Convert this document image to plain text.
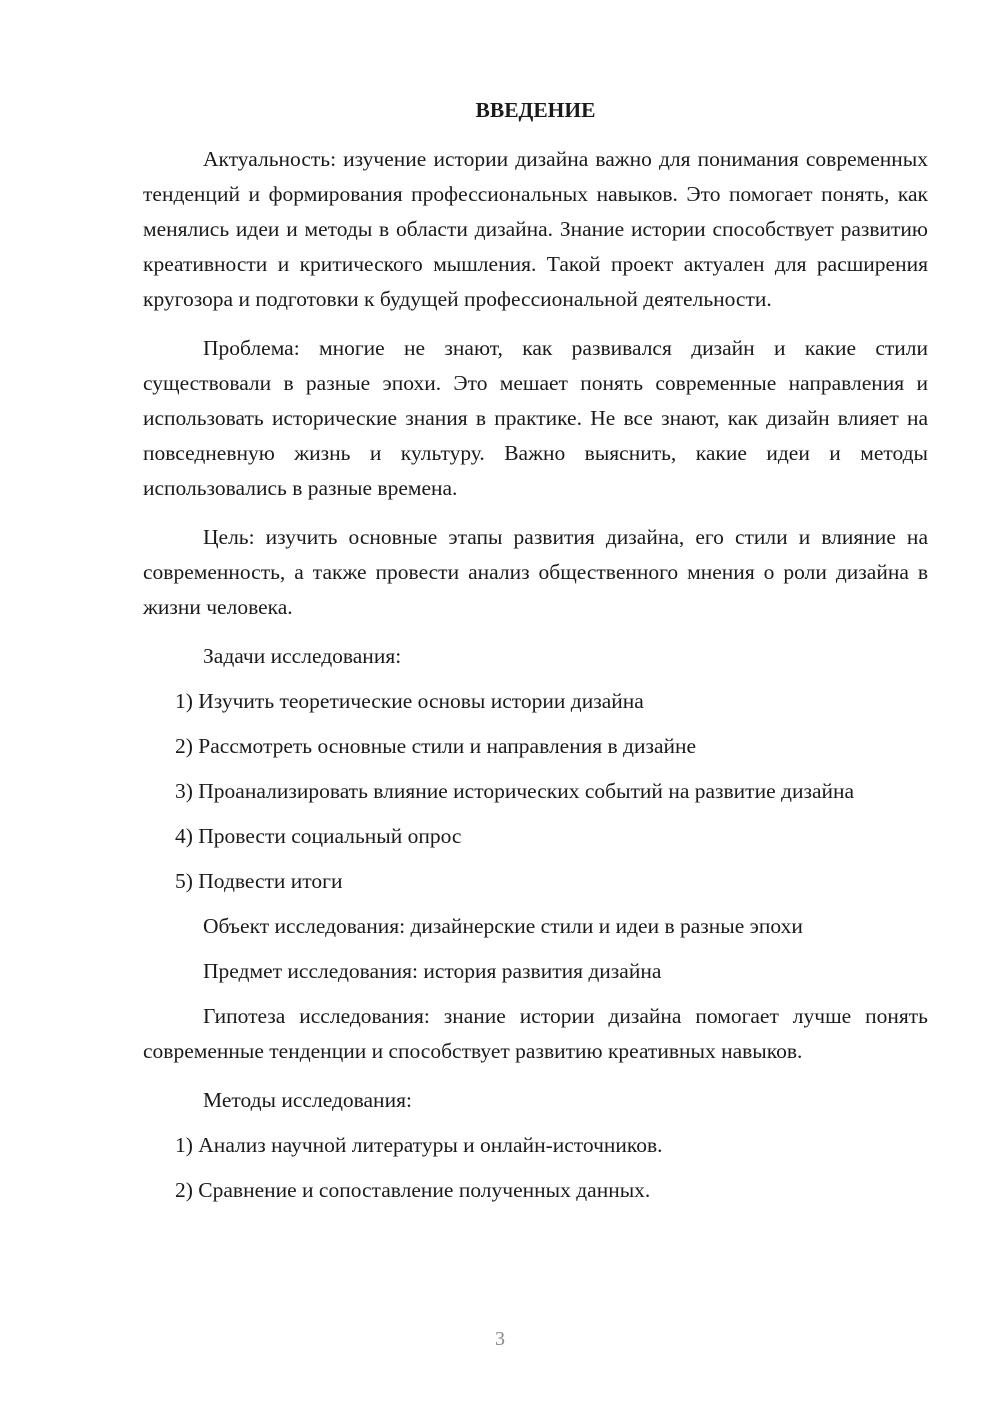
ВВЕДЕНИЕ

Актуальность: изучение истории дизайна важно для понимания современных тенденций и формирования профессиональных навыков. Это помогает понять, как менялись идеи и методы в области дизайна. Знание истории способствует развитию креативности и критического мышления. Такой проект актуален для расширения кругозора и подготовки к будущей профессиональной деятельности.

Проблема: многие не знают, как развивался дизайн и какие стили существовали в разные эпохи. Это мешает понять современные направления и использовать исторические знания в практике. Не все знают, как дизайн влияет на повседневную жизнь и культуру. Важно выяснить, какие идеи и методы использовались в разные времена.

Цель: изучить основные этапы развития дизайна, его стили и влияние на современность, а также провести анализ общественного мнения о роли дизайна в жизни человека.

Задачи исследования:

1) Изучить теоретические основы истории дизайна

2) Рассмотреть основные стили и направления в дизайне

3) Проанализировать влияние исторических событий на развитие дизайна

4) Провести социальный опрос

5) Подвести итоги

Объект исследования: дизайнерские стили и идеи в разные эпохи

Предмет исследования: история развития дизайна

Гипотеза исследования: знание истории дизайна помогает лучше понять современные тенденции и способствует развитию креативных навыков.

Методы исследования:

1) Анализ научной литературы и онлайн-источников.

2) Сравнение и сопоставление полученных данных.

3
